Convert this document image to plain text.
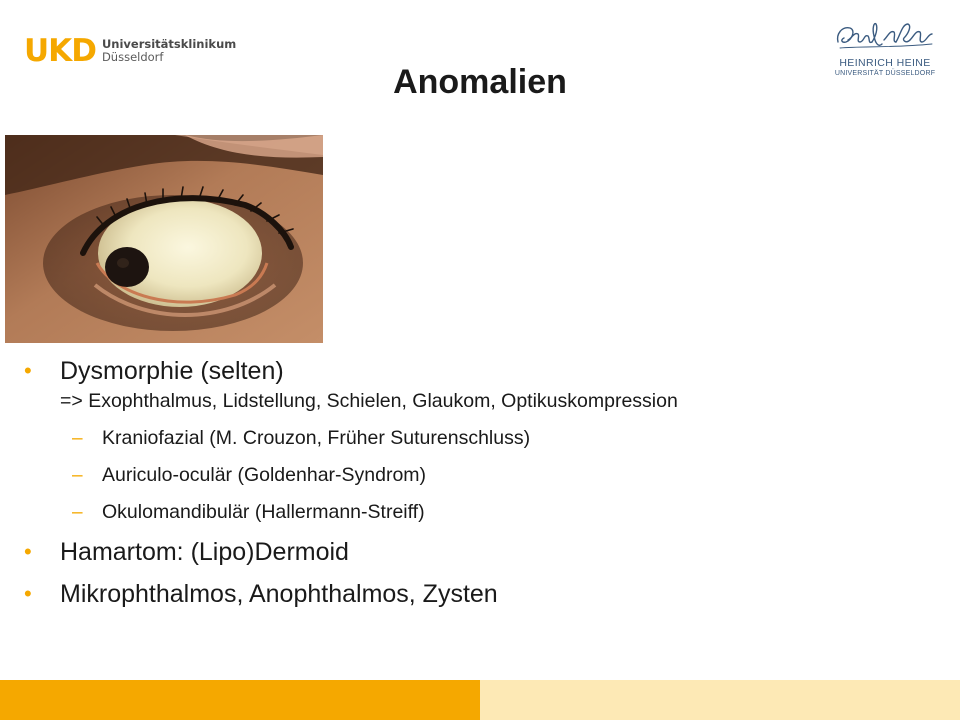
UKD Universitätsklinikum
Düsseldorf	HEINRICH HEINE
UNIVERSITÄT DÜSSELDORF
Anomalien
•	Dysmorphie (selten)
=> Exophthalmus, Lidstellung, Schielen, Glaukom, Optikuskompression
– Kraniofazial (M. Crouzon, Früher Suturenschluss)
– Auriculo-oculär (Goldenhar-Syndrom)
– Okulomandibulär (Hallermann-Streiff)
•	Hamartom: (Lipo)Dermoid
•	Mikrophthalmos, Anophthalmos, Zysten
